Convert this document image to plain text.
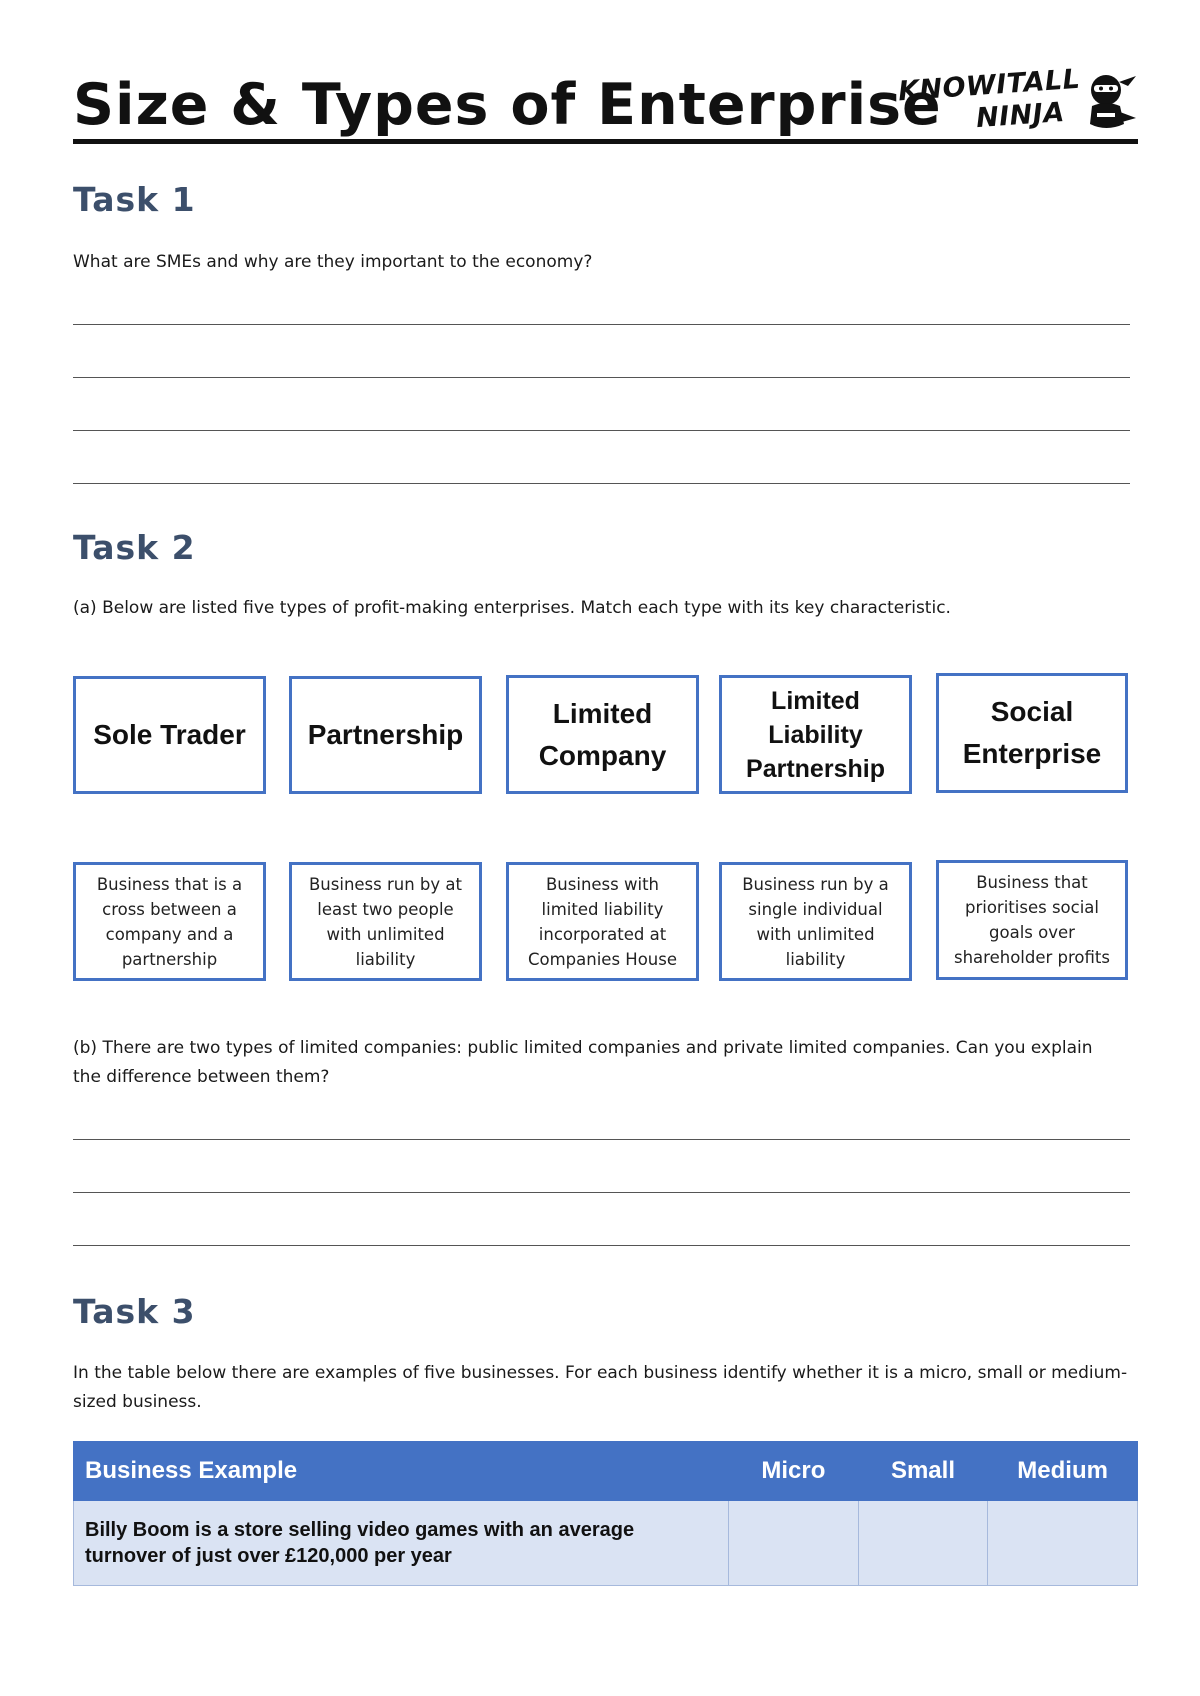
Size & Types of Enterprise
KNOWITALL
NINJA
Task 1

What are SMEs and why are they important to the economy?

Task 2

(a) Below are listed five types of profit-making enterprises. Match each type with its key characteristic.

Sole Trader	Partnership
Limited Company
Limited Liability Partnership
Social Enterprise
Business that is a cross between a company and a partnership
Business run by at least two people with unlimited liability
Business with limited liability incorporated at Companies House
Business run by a single individual with unlimited liability
Business that prioritises social goals over shareholder profits

(b) There are two types of limited companies: public limited companies and private limited companies. Can you explain the difference between them?

Task 3

In the table below there are examples of five businesses. For each business identify whether it is a micro, small or medium-sized business.

Business Example	Micro	Small	Medium
Billy Boom is a store selling video games with an average turnover of just over £120,000 per year			
